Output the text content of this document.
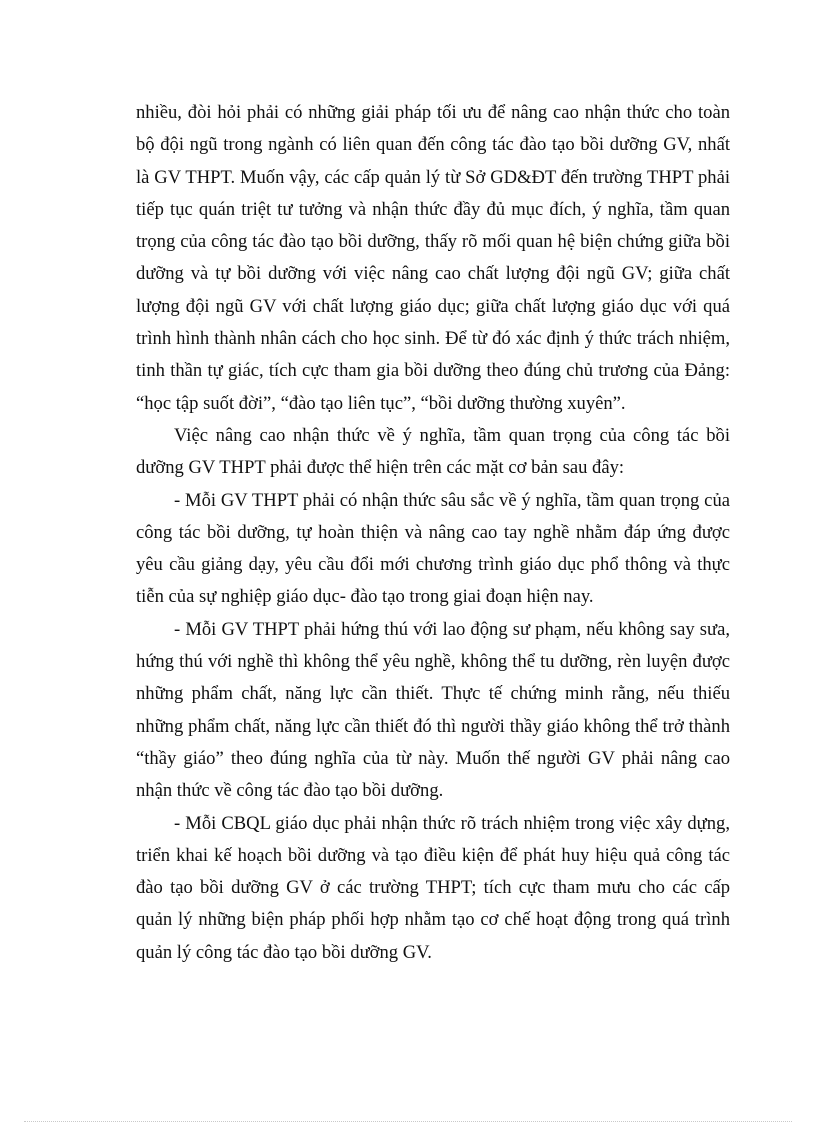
nhiều, đòi hỏi phải có những giải pháp tối ưu để nâng cao nhận thức cho toàn bộ đội ngũ trong ngành có liên quan đến công tác đào tạo bồi dưỡng GV, nhất là GV THPT. Muốn vậy, các cấp quản lý từ Sở GD&ĐT đến trường THPT phải tiếp tục quán triệt tư tưởng và nhận thức đầy đủ mục đích, ý nghĩa, tầm quan trọng của công tác đào tạo bồi dưỡng, thấy rõ mối quan hệ biện chứng giữa bồi dưỡng và tự bồi dưỡng với việc nâng cao chất lượng đội ngũ GV; giữa chất lượng đội ngũ GV với chất lượng giáo dục; giữa chất lượng giáo dục với quá trình hình thành nhân cách cho học sinh. Để từ đó xác định ý thức trách nhiệm, tinh thần tự giác, tích cực tham gia bồi dưỡng theo đúng chủ trương của Đảng: “học tập suốt đời”, “đào tạo liên tục”, “bồi dưỡng thường xuyên”.

Việc nâng cao nhận thức về ý nghĩa, tầm quan trọng của công tác bồi dưỡng GV THPT phải được thể hiện trên các mặt cơ bản sau đây:

- Mỗi GV THPT phải có nhận thức sâu sắc về ý nghĩa, tầm quan trọng của công tác bồi dưỡng, tự hoàn thiện và nâng cao tay nghề nhằm đáp ứng được yêu cầu giảng dạy, yêu cầu đổi mới chương trình giáo dục phổ thông và thực tiễn của sự nghiệp giáo dục- đào tạo trong giai đoạn hiện nay.

- Mỗi GV THPT phải hứng thú với lao động sư phạm, nếu không say sưa, hứng thú với nghề thì không thể yêu nghề, không thể tu dưỡng, rèn luyện được những phẩm chất, năng lực cần thiết. Thực tế chứng minh rằng, nếu thiếu những phẩm chất, năng lực cần thiết đó thì người thầy giáo không thể trở thành “thầy giáo” theo đúng nghĩa của từ này. Muốn thế người GV phải nâng cao nhận thức về công tác đào tạo bồi dưỡng.

- Mỗi CBQL giáo dục phải nhận thức rõ trách nhiệm trong việc xây dựng, triển khai kế hoạch bồi dưỡng và tạo điều kiện để phát huy hiệu quả công tác đào tạo bồi dưỡng GV ở các trường THPT; tích cực tham mưu cho các cấp quản lý những biện pháp phối hợp nhằm tạo cơ chế hoạt động trong quá trình quản lý công tác đào tạo bồi dưỡng GV.
